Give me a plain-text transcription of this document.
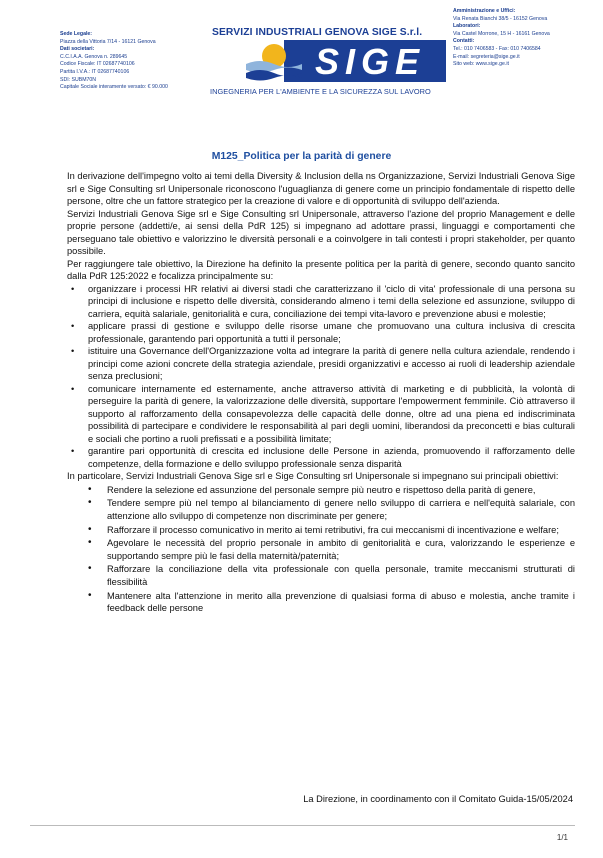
Sede Legale:
Piazza della Vittoria 7/14 - 16121 Genova
Dati societari:
C.C.I.A.A. Genova n. 289645
Codice Fiscale: IT 02687740106
Partita I.V.A.: IT 02687740106
SDI: SUBM70N
Capitale Sociale interamente versato: € 90.000
Amministrazione e Uffici:
Via Renata Bianchi 38/5 - 16152 Genova
Laboratori:
Via Castel Morrone, 15 H - 16161 Genova
Contatti:
Tel.: 010 7406583 - Fax: 010 7406584
E-mail: segreteria@sige.ge.it
Sito web: www.sige.ge.it
SERVIZI INDUSTRIALI GENOVA SIGE S.r.l.
SIGE
INGEGNERIA PER L'AMBIENTE E LA SICUREZZA SUL LAVORO
M125_Politica per la parità di genere

In derivazione dell'impegno volto ai temi della Diversity & Inclusion della ns Organizzazione, Servizi Industriali Genova Sige srl e Sige Consulting srl Unipersonale riconoscono l'uguaglianza di genere come un principio fondamentale di rispetto delle persone, oltre che un fattore strategico per la creazione di valore e di opportunità di sviluppo dell'azienda.

Servizi Industriali Genova Sige srl e Sige Consulting srl Unipersonale, attraverso l'azione del proprio Management e delle proprie persone (addetti/e, ai sensi della PdR 125) si impegnano ad adottare prassi, linguaggi e comportamenti che perseguano tale obiettivo e valorizzino le diversità personali e a coinvolgere in tali contesti i propri stakeholder, per quanto possibile.

Per raggiungere tale obiettivo, la Direzione ha definito la presente politica per la parità di genere, secondo quanto sancito dalla PdR 125:2022 e focalizza principalmente su:

• organizzare i processi HR relativi ai diversi stadi che caratterizzano il 'ciclo di vita' professionale di una persona su principi di inclusione e rispetto delle diversità, considerando almeno i temi della selezione ed assunzione, sviluppo di carriera, equità salariale, genitorialità e cura, conciliazione dei tempi vita-lavoro e prevenzione abusi e molestie;
• applicare prassi di gestione e sviluppo delle risorse umane che promuovano una cultura inclusiva di crescita professionale, garantendo pari opportunità a tutti il personale;
• istituire una Governance dell'Organizzazione volta ad integrare la parità di genere nella cultura aziendale, rendendo i principi come azioni concrete della strategia aziendale, presidi organizzativi e accesso ai ruoli di leadership aziendale senza preclusioni;
• comunicare internamente ed esternamente, anche attraverso attività di marketing e di pubblicità, la volontà di perseguire la parità di genere, la valorizzazione delle diversità, supportare l'empowerment femminile. Ciò attraverso il supporto al rafforzamento della consapevolezza delle capacità delle donne, oltre ad una piena ed indiscriminata possibilità di partecipare e condividere le responsabilità al pari degli uomini, liberandosi da preconcetti e bias culturali e sociali che portino a ruoli prefissati e a possibilità limitate;
• garantire pari opportunità di crescita ed inclusione delle Persone in azienda, promuovendo il rafforzamento delle competenze, della formazione e dello sviluppo professionale senza disparità

In particolare, Servizi Industriali Genova Sige srl e Sige Consulting srl Unipersonale si impegnano sui principali obiettivi:

• Rendere la selezione ed assunzione del personale sempre più neutro e rispettoso della parità di genere,
• Tendere sempre più nel tempo al bilanciamento di genere nello sviluppo di carriera e nell'equità salariale, con attenzione allo sviluppo di competenze non discriminate per genere;
• Rafforzare il processo comunicativo in merito ai temi retributivi, fra cui meccanismi di incentivazione e welfare;
• Agevolare le necessità del proprio personale in ambito di genitorialità e cura, valorizzando le esperienze e supportando sempre più le fasi della maternità/paternità;
• Rafforzare la conciliazione della vita professionale con quella personale, tramite meccanismi strutturati di flessibilità
• Mantenere alta l'attenzione in merito alla prevenzione di qualsiasi forma di abuso e molestia, anche tramite i feedback delle persone
La Direzione, in coordinamento con il Comitato Guida-15/05/2024
1/1
